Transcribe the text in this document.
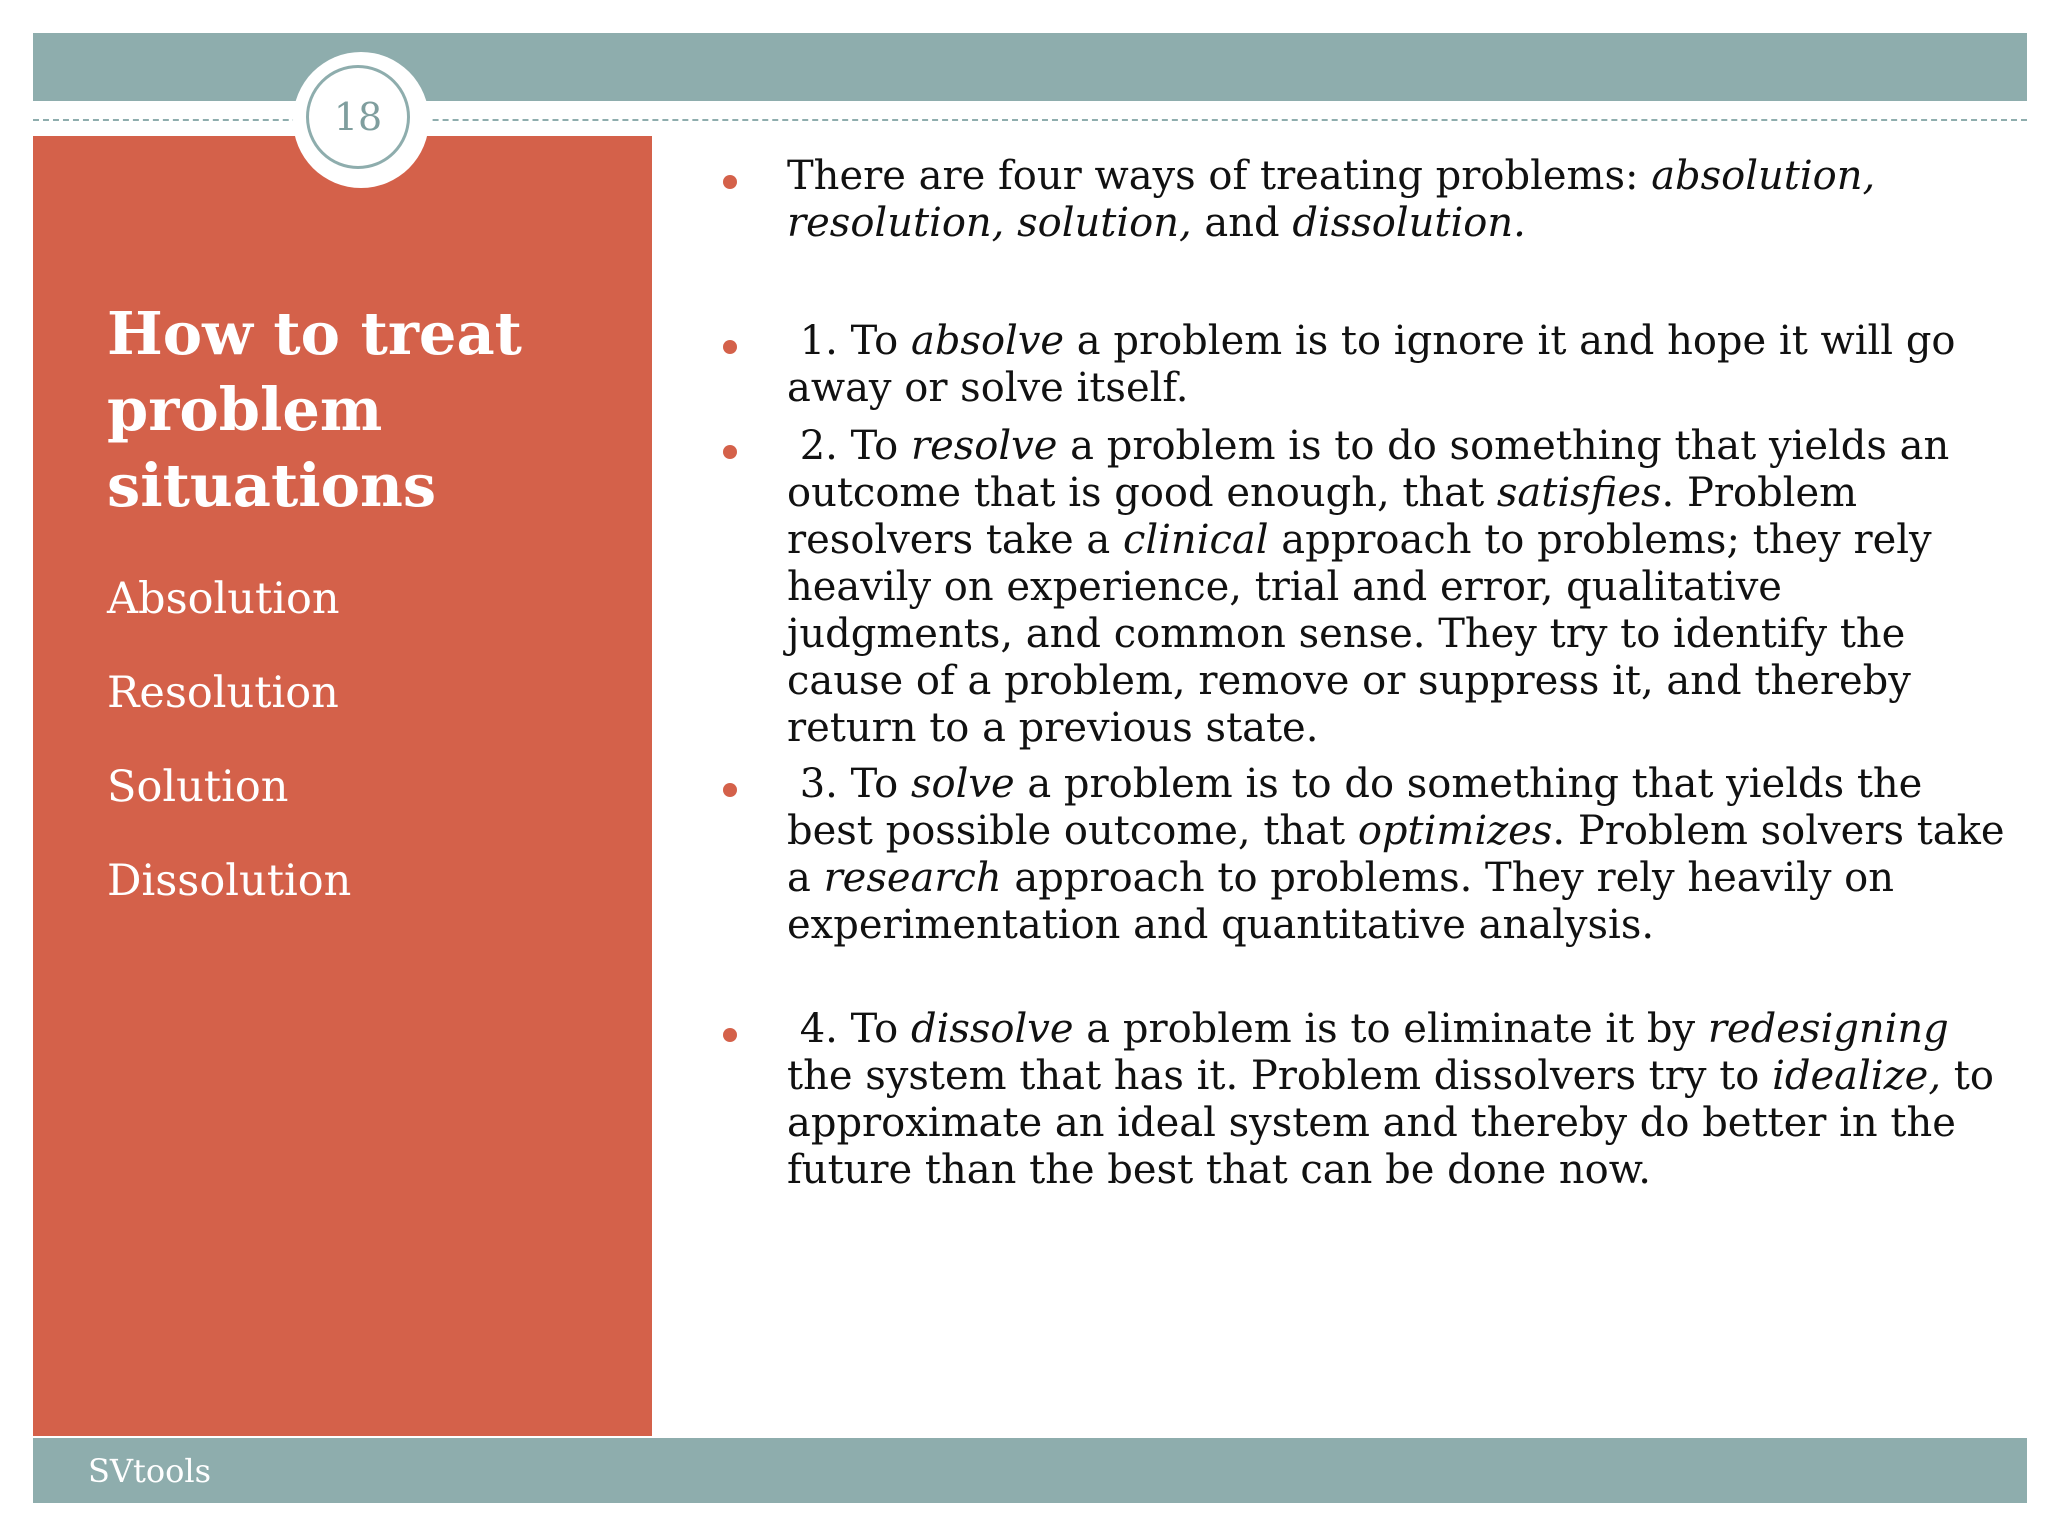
How to treat problem situations
Absolution
Resolution
Solution
Dissolution
18
There are four ways of treating problems: absolution, resolution, solution, and dissolution.
1. To absolve a problem is to ignore it and hope it will go away or solve itself.
2. To resolve a problem is to do something that yields an outcome that is good enough, that satisfies. Problem resolvers take a clinical approach to problems; they rely heavily on experience, trial and error, qualitative judgments, and common sense. They try to identify the cause of a problem, remove or suppress it, and thereby return to a previous state.
3. To solve a problem is to do something that yields the best possible outcome, that optimizes. Problem solvers take a research approach to problems. They rely heavily on experimentation and quantitative analysis.
4. To dissolve a problem is to eliminate it by redesigning the system that has it. Problem dissolvers try to idealize, to approximate an ideal system and thereby do better in the future than the best that can be done now.
SVtools
